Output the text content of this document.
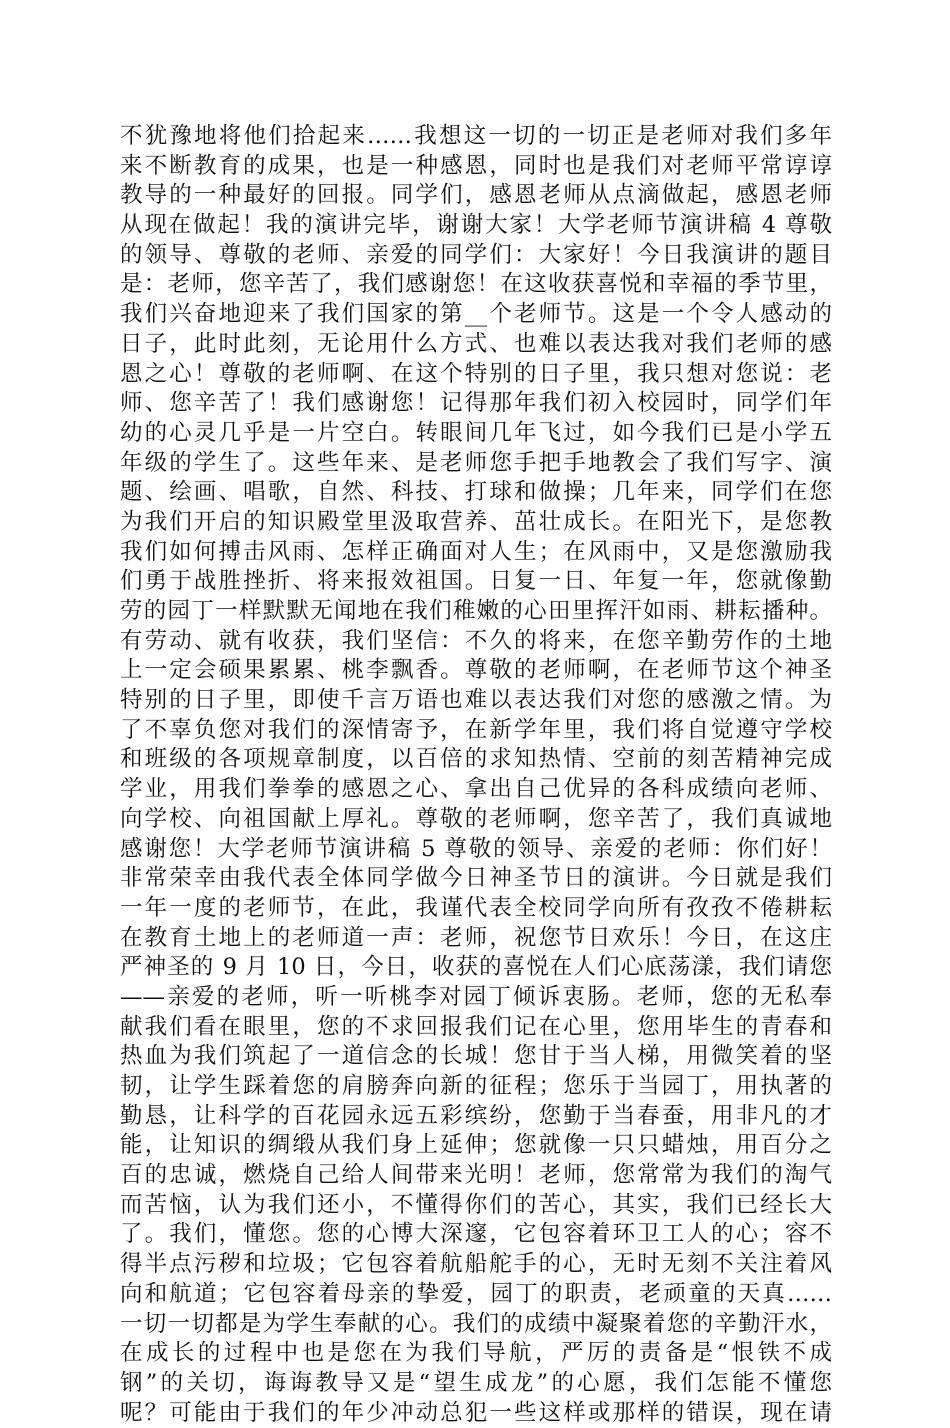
不犹豫地将他们拾起来……我想这一切的一切正是老师对我们多年
来不断教育的成果，也是一种感恩，同时也是我们对老师平常谆谆
教导的一种最好的回报。同学们，感恩老师从点滴做起，感恩老师
从现在做起！我的演讲完毕，谢谢大家！大学老师节演讲稿 4 尊敬
的领导、尊敬的老师、亲爱的同学们：大家好！今日我演讲的题目
是：老师，您辛苦了，我们感谢您！在这收获喜悦和幸福的季节里，
我们兴奋地迎来了我们国家的第__个老师节。这是一个令人感动的
日子，此时此刻，无论用什么方式、也难以表达我对我们老师的感
恩之心！尊敬的老师啊、在这个特别的日子里，我只想对您说：老
师、您辛苦了！我们感谢您！记得那年我们初入校园时，同学们年
幼的心灵几乎是一片空白。转眼间几年飞过，如今我们已是小学五
年级的学生了。这些年来、是老师您手把手地教会了我们写字、演
题、绘画、唱歌，自然、科技、打球和做操；几年来，同学们在您
为我们开启的知识殿堂里汲取营养、茁壮成长。在阳光下，是您教
我们如何搏击风雨、怎样正确面对人生；在风雨中，又是您激励我
们勇于战胜挫折、将来报效祖国。日复一日、年复一年，您就像勤
劳的园丁一样默默无闻地在我们稚嫩的心田里挥汗如雨、耕耘播种。
有劳动、就有收获，我们坚信：不久的将来，在您辛勤劳作的土地
上一定会硕果累累、桃李飘香。尊敬的老师啊，在老师节这个神圣
特别的日子里，即使千言万语也难以表达我们对您的感激之情。为
了不辜负您对我们的深情寄予，在新学年里，我们将自觉遵守学校
和班级的各项规章制度，以百倍的求知热情、空前的刻苦精神完成
学业，用我们拳拳的感恩之心、拿出自己优异的各科成绩向老师、
向学校、向祖国献上厚礼。尊敬的老师啊，您辛苦了，我们真诚地
感谢您！大学老师节演讲稿 5 尊敬的领导、亲爱的老师：你们好！
非常荣幸由我代表全体同学做今日神圣节日的演讲。今日就是我们
一年一度的老师节，在此，我谨代表全校同学向所有孜孜不倦耕耘
在教育土地上的老师道一声：老师，祝您节日欢乐！今日，在这庄
严神圣的 9 月 10 日，今日，收获的喜悦在人们心底荡漾，我们请您
——亲爱的老师，听一听桃李对园丁倾诉衷肠。老师，您的无私奉
献我们看在眼里，您的不求回报我们记在心里，您用毕生的青春和
热血为我们筑起了一道信念的长城！您甘于当人梯，用微笑着的坚
韧，让学生踩着您的肩膀奔向新的征程；您乐于当园丁，用执著的
勤恳，让科学的百花园永远五彩缤纷，您勤于当春蚕，用非凡的才
能，让知识的绸缎从我们身上延伸；您就像一只只蜡烛，用百分之
百的忠诚，燃烧自己给人间带来光明！老师，您常常为我们的淘气
而苦恼，认为我们还小，不懂得你们的苦心，其实，我们已经长大
了。我们，懂您。您的心博大深邃，它包容着环卫工人的心；容不
得半点污秽和垃圾；它包容着航船舵手的心，无时无刻不关注着风
向和航道；它包容着母亲的挚爱，园丁的职责，老顽童的天真……
一切一切都是为学生奉献的心。我们的成绩中凝聚着您的辛勤汗水，
在成长的过程中也是您在为我们导航，严厉的责备是“恨铁不成
钢”的关切，诲诲教导又是“望生成龙”的心愿，我们怎能不懂您
呢？可能由于我们的年少冲动总犯一些这样或那样的错误，现在请
